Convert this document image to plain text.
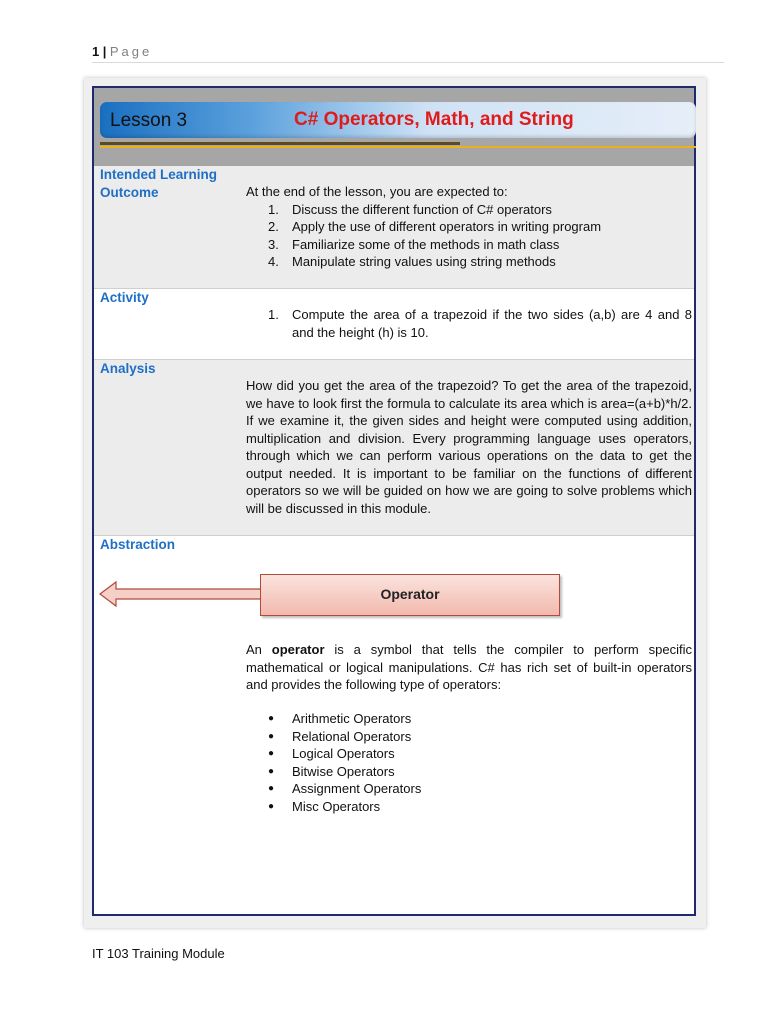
1 | Page
Lesson 3	C# Operators, Math, and String
Intended Learning
Outcome	At the end of the lesson, you are expected to:
1. Discuss the different function of C# operators
2. Apply the use of different operators in writing program
3. Familiarize some of the methods in math class
4. Manipulate string values using string methods
Activity
1. Compute the area of a trapezoid if the two sides (a,b) are 4 and 8 and the height (h) is 10.
Analysis
How did you get the area of the trapezoid? To get the area of the trapezoid, we have to look first the formula to calculate its area which is area=(a+b)*h/2. If we examine it, the given sides and height were computed using addition, multiplication and division. Every programming language uses operators, through which we can perform various operations on the data to get the output needed. It is important to be familiar on the functions of different operators so we will be guided on how we are going to solve problems which will be discussed in this module.
Abstraction
Operator
An operator is a symbol that tells the compiler to perform specific mathematical or logical manipulations. C# has rich set of built-in operators and provides the following type of operators:
● Arithmetic Operators
● Relational Operators
● Logical Operators
● Bitwise Operators
● Assignment Operators
● Misc Operators
IT 103 Training Module
